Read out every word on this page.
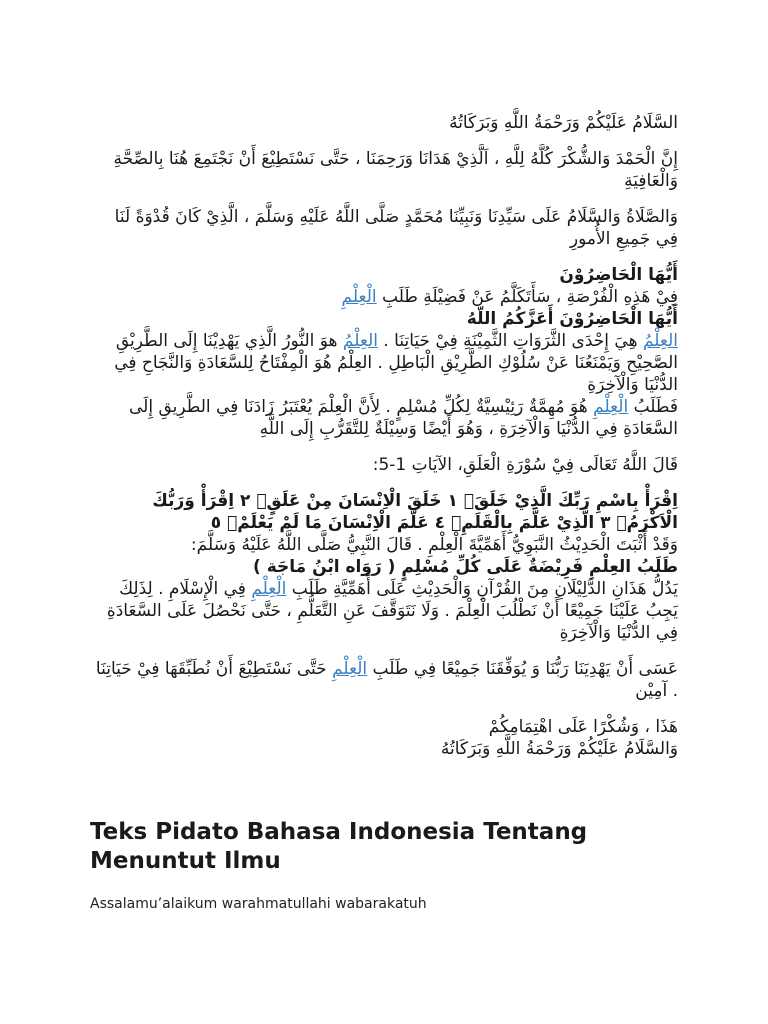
السَّلَامُ عَلَيْكُمْ وَرَحْمَةُ اللَّهِ وَبَرَكَاتُهُ

إِنَّ الْحَمْدَ وَالشُّكْرَ كُلَّهُ لِلَّهِ ، اَلَّذِيْ هَدَانَا وَرَحِمَنَا ، حَتَّى نَسْتَطِيْعَ أَنْ نَجْتَمِعَ هُنَا بِالصِّحَّةِ وَالْعَافِيَةِ

وَالصَّلَاةُ وَالسَّلَامُ عَلَى سَيِّدِنَا وَنَبِيِّنَا مُحَمَّدٍ صَلَّى اللَّهُ عَلَيْهِ وَسَلَّمَ ، الَّذِيْ كَانَ قُدْوَةً لَنَا فِي جَمِيعِ الأُمورِ

أَيُّهَا الْحَاضِرُوْنَ

فِيْ هَذِهِ الْفُرْصَةِ ، سَأَتَكَلَّمُ عَنْ فَضِيْلَةِ طَلَبِ الْعِلْمِ

أَيُّهَا الْحَاضِرُوْنَ أَعَزَّكُمُ اللّهُ

العِلْمُ هِيَ إِحْدَى الثَّرَوَاتِ الثَّمِيْنَةِ فِيْ حَيَاتِنَا . العِلْمُ هوَ النُّورُ الَّذِي يَهْدِيْنَا إِلَى الطَّرِيْقِ الصَّحِيْحِ وَيَمْنَعُنَا عَنْ سُلُوْكِ الطَّرِيْقِ الْبَاطِلِ . العِلْمُ هُوَ الْمِفْتَاحُ لِلسَّعَادَةِ وَالنَّجَاحِ فِي الدُّنْيَا وَالْآخِرَةِ

فَطَلَبُ الْعِلْمِ هُوَ مُهِمَّةٌ رَئِيْسِيَّةٌ لِكُلِّ مُسْلِمٍ . لِأَنَّ الْعِلْمَ يُعْتَبَرُ زَادَنَا فِي الطَّرِيقِ إِلَى السَّعَادَةِ فِي الدُّنْيَا وَالْآخِرَةِ ، وَهُوَ أَيْضًا وَسِيْلَةٌ لِلتَّقَرُّبِ إِلَى اللَّهِ

قَالَ اللَّهُ تَعَالَى فِيْ سُوْرَةِ الْعَلَقِ، الآيَاتِ 1-5:

اِقْرَأْ بِاسْمِ رَبِّكَ الَّذِيْ خَلَقَۚ ١ خَلَقَ الْاِنْسَانَ مِنْ عَلَقٍۚ ٢ اِقْرَأْ وَرَبُّكَ الْاَكْرَمُۙ ٣ الَّذِيْ عَلَّمَ بِالْقَلَمِۙ ٤ عَلَّمَ الْاِنْسَانَ مَا لَمْ يَعْلَمْۗ ٥

وَقَدْ أَثْبَتَ الْحَدِيْثُ النَّبَوِيُّ أَهَمِّيَّةَ الْعِلْمِ . قَالَ النَّبِيُّ صَلَّى اللَّهُ عَلَيْهُ وَسَلَّمَ:

طَلَبُ العِلْمِ فَرِيْضَةٌ عَلَى كُلِّ مُسْلِمٍ ( رَوَاه ابْنُ مَاجَة )

يَدُلُّ هَذَانِ الدَّلِيْلَانِ مِنَ القُرْآنِ وَالْحَدِيْثِ عَلَى أَهَمِّيَّةِ طَلَبِ الْعِلْمِ فِي الْإِسْلَامِ . لِذَلِكَ يَجِبُ عَلَيْنَا جَمِيْعًا أَنْ نَطْلُبَ الْعِلْمَ . وَلَا نَتَوَقَّفَ عَنِ التَّعَلُّمِ ، حَتَّى نَحْصُلَ عَلَى السَّعَادَةِ فِي الدُّنْيَا وَالْآخِرَةِ

عَسَى أَنْ يَهْدِيَنَا رَبُّنَا وَ يُوَفِّقَنَا جَمِيْعًا فِي طَلَبِ الْعِلْمِ حَتَّى نَسْتَطِيْعَ أَنْ نُطَبِّقَهَا فِيْ حَيَاتِنَا . آمِيْن

هَذَا ، وَشُكْرًا عَلَى اهْتِمَامِكُمْ

وَالسَّلَامُ عَلَيْكُمْ وَرَحْمَةُ اللَّهِ وَبَرَكَاتُهُ

Teks Pidato Bahasa Indonesia Tentang Menuntut Ilmu

Assalamu’alaikum warahmatullahi wabarakatuh
